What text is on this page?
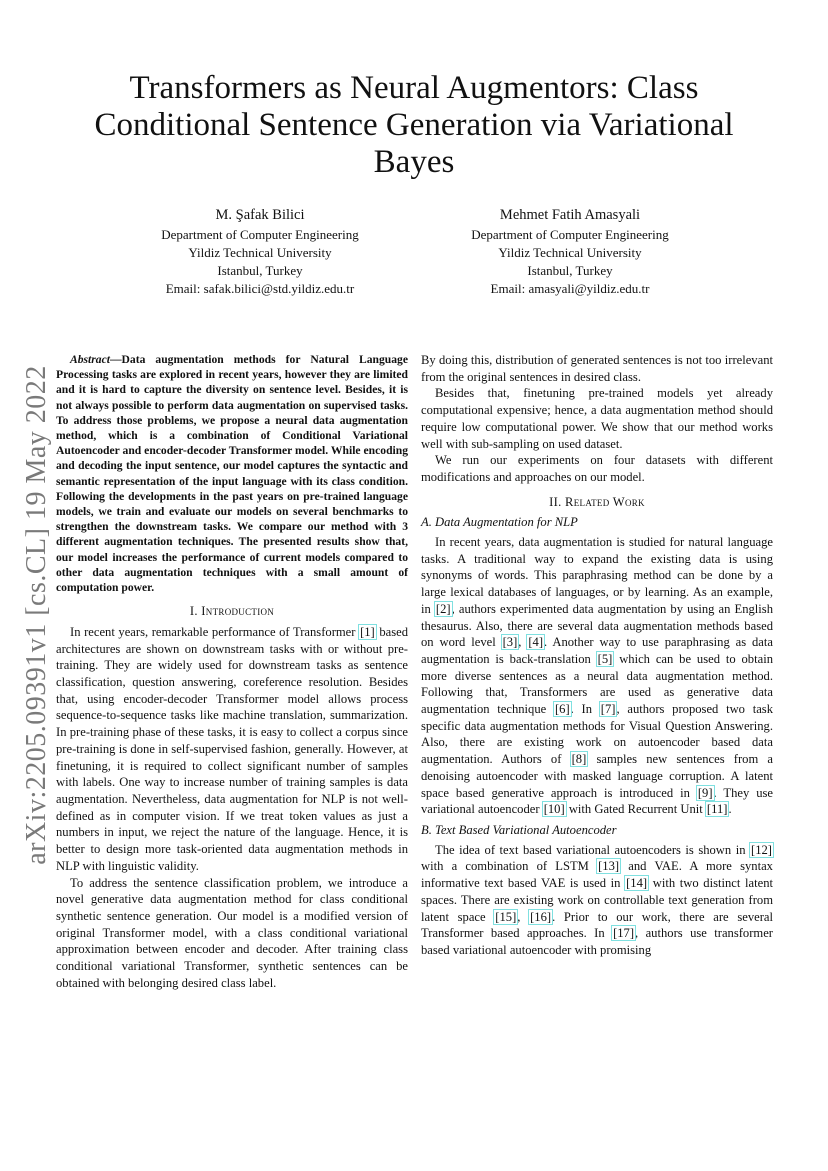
Transformers as Neural Augmentors: Class Conditional Sentence Generation via Variational Bayes
M. Şafak Bilici
Department of Computer Engineering
Yildiz Technical University
Istanbul, Turkey
Email: safak.bilici@std.yildiz.edu.tr
Mehmet Fatih Amasyali
Department of Computer Engineering
Yildiz Technical University
Istanbul, Turkey
Email: amasyali@yildiz.edu.tr
arXiv:2205.09391v1 [cs.CL] 19 May 2022

Abstract—Data augmentation methods for Natural Language Processing tasks are explored in recent years, however they are limited and it is hard to capture the diversity on sentence level. Besides, it is not always possible to perform data augmentation on supervised tasks. To address those problems, we propose a neural data augmentation method, which is a combination of Conditional Variational Autoencoder and encoder-decoder Transformer model. While encoding and decoding the input sentence, our model captures the syntactic and semantic representation of the input language with its class condition. Following the developments in the past years on pre-trained language models, we train and evaluate our models on several benchmarks to strengthen the downstream tasks. We compare our method with 3 different augmentation techniques. The presented results show that, our model increases the performance of current models compared to other data augmentation techniques with a small amount of computation power.

I. Introduction

In recent years, remarkable performance of Transformer [1] based architectures are shown on downstream tasks with or without pre-training. They are widely used for downstream tasks as sentence classification, question answering, coreference resolution. Besides that, using encoder-decoder Transformer model allows process sequence-to-sequence tasks like machine translation, summarization. In pre-training phase of these tasks, it is easy to collect a corpus since pre-training is done in self-supervised fashion, generally. However, at finetuning, it is required to collect significant number of samples with labels. One way to increase number of training samples is data augmentation. Nevertheless, data augmentation for NLP is not well-defined as in computer vision. If we treat token values as just a numbers in input, we reject the nature of the language. Hence, it is better to design more task-oriented data augmentation methods in NLP with linguistic validity.

To address the sentence classification problem, we introduce a novel generative data augmentation method for class conditional synthetic sentence generation. Our model is a modified version of original Transformer model, with a class conditional variational approximation between encoder and decoder. After training class conditional variational Transformer, synthetic sentences can be obtained with belonging desired class label.

By doing this, distribution of generated sentences is not too irrelevant from the original sentences in desired class.

Besides that, finetuning pre-trained models yet already computational expensive; hence, a data augmentation method should require low computational power. We show that our method works well with sub-sampling on used dataset.

We run our experiments on four datasets with different modifications and approaches on our model.

II. Related Work
A. Data Augmentation for NLP

In recent years, data augmentation is studied for natural language tasks. A traditional way to expand the existing data is using synonyms of words. This paraphrasing method can be done by a large lexical databases of languages, or by learning. As an example, in [2], authors experimented data augmentation by using an English thesaurus. Also, there are several data augmentation methods based on word level [3], [4]. Another way to use paraphrasing as data augmentation is back-translation [5] which can be used to obtain more diverse sentences as a neural data augmentation method. Following that, Transformers are used as generative data augmentation technique [6]. In [7], authors proposed two task specific data augmentation methods for Visual Question Answering. Also, there are existing work on autoencoder based data augmentation. Authors of [8] samples new sentences from a denoising autoencoder with masked language corruption. A latent space based generative approach is introduced in [9]. They use variational autoencoder [10] with Gated Recurrent Unit [11].

B. Text Based Variational Autoencoder

The idea of text based variational autoencoders is shown in [12] with a combination of LSTM [13] and VAE. A more syntax informative text based VAE is used in [14] with two distinct latent spaces. There are existing work on controllable text generation from latent space [15], [16]. Prior to our work, there are several Transformer based approaches. In [17], authors use transformer based variational autoencoder with promising
